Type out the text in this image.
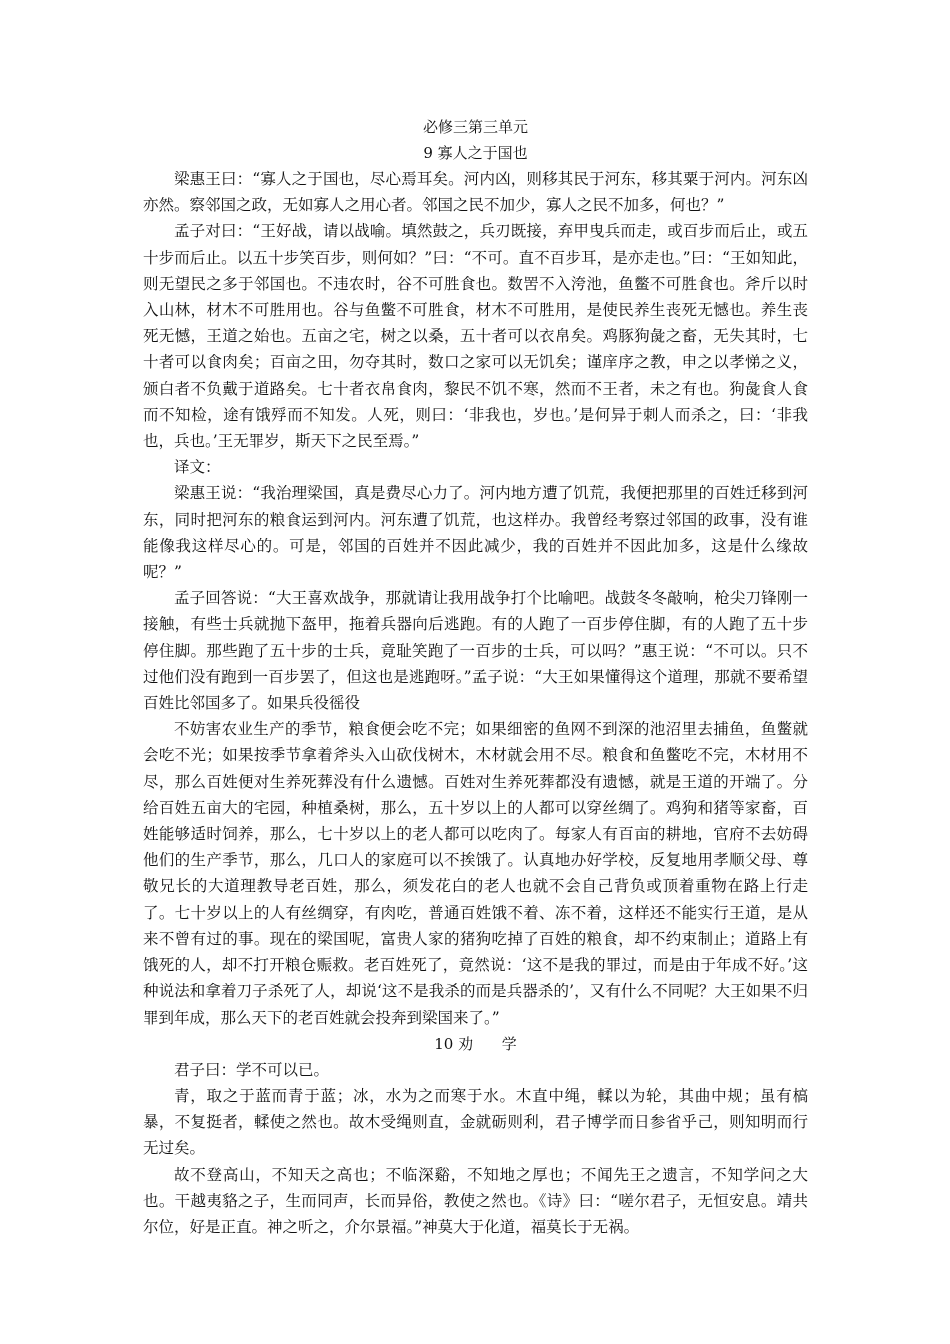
必修三第三单元
9 寡人之于国也

梁惠王曰：“寡人之于国也，尽心焉耳矣。河内凶，则移其民于河东，移其粟于河内。河东凶亦然。察邻国之政，无如寡人之用心者。邻国之民不加少，寡人之民不加多，何也？”

孟子对曰：“王好战，请以战喻。填然鼓之，兵刃既接，弃甲曳兵而走，或百步而后止，或五十步而后止。以五十步笑百步，则何如？”曰：“不可。直不百步耳，是亦走也。”曰：“王如知此，则无望民之多于邻国也。不违农时，谷不可胜食也。数罟不入洿池，鱼鳖不可胜食也。斧斤以时入山林，材木不可胜用也。谷与鱼鳖不可胜食，材木不可胜用，是使民养生丧死无憾也。养生丧死无憾，王道之始也。五亩之宅，树之以桑，五十者可以衣帛矣。鸡豚狗彘之畜，无失其时，七十者可以食肉矣；百亩之田，勿夺其时，数口之家可以无饥矣；谨庠序之教，申之以孝悌之义，颁白者不负戴于道路矣。七十者衣帛食肉，黎民不饥不寒，然而不王者，未之有也。狗彘食人食而不知检，途有饿殍而不知发。人死，则曰：‘非我也，岁也。’是何异于刺人而杀之，曰：‘非我也，兵也。’王无罪岁，斯天下之民至焉。”

译文：

梁惠王说：“我治理梁国，真是费尽心力了。河内地方遭了饥荒，我便把那里的百姓迁移到河东，同时把河东的粮食运到河内。河东遭了饥荒，也这样办。我曾经考察过邻国的政事，没有谁能像我这样尽心的。可是，邻国的百姓并不因此减少，我的百姓并不因此加多，这是什么缘故呢？”

孟子回答说：“大王喜欢战争，那就请让我用战争打个比喻吧。战鼓冬冬敲响，枪尖刀锋刚一接触，有些士兵就抛下盔甲，拖着兵器向后逃跑。有的人跑了一百步停住脚，有的人跑了五十步停住脚。那些跑了五十步的士兵，竟耻笑跑了一百步的士兵，可以吗？”惠王说：“不可以。只不过他们没有跑到一百步罢了，但这也是逃跑呀。”孟子说：“大王如果懂得这个道理，那就不要希望百姓比邻国多了。如果兵役徭役

不妨害农业生产的季节，粮食便会吃不完；如果细密的鱼网不到深的池沼里去捕鱼，鱼鳖就会吃不光；如果按季节拿着斧头入山砍伐树木，木材就会用不尽。粮食和鱼鳖吃不完，木材用不尽，那么百姓便对生养死葬没有什么遗憾。百姓对生养死葬都没有遗憾，就是王道的开端了。分给百姓五亩大的宅园，种植桑树，那么，五十岁以上的人都可以穿丝绸了。鸡狗和猪等家畜，百姓能够适时饲养，那么，七十岁以上的老人都可以吃肉了。每家人有百亩的耕地，官府不去妨碍他们的生产季节，那么，几口人的家庭可以不挨饿了。认真地办好学校，反复地用孝顺父母、尊敬兄长的大道理教导老百姓，那么，须发花白的老人也就不会自己背负或顶着重物在路上行走了。七十岁以上的人有丝绸穿，有肉吃，普通百姓饿不着、冻不着，这样还不能实行王道，是从来不曾有过的事。现在的梁国呢，富贵人家的猪狗吃掉了百姓的粮食，却不约束制止；道路上有饿死的人，却不打开粮仓赈救。老百姓死了，竟然说：‘这不是我的罪过，而是由于年成不好。’这种说法和拿着刀子杀死了人，却说‘这不是我杀的而是兵器杀的’，又有什么不同呢？大王如果不归罪到年成，那么天下的老百姓就会投奔到梁国来了。”

10 劝      学

君子曰：学不可以已。

青，取之于蓝而青于蓝；冰，水为之而寒于水。木直中绳，輮以为轮，其曲中规；虽有槁暴，不复挺者，輮使之然也。故木受绳则直，金就砺则利，君子博学而日参省乎己，则知明而行无过矣。

故不登高山，不知天之高也；不临深谿，不知地之厚也；不闻先王之遗言，不知学问之大也。干越夷貉之子，生而同声，长而异俗，教使之然也。《诗》曰：“嗟尔君子，无恒安息。靖共尔位，好是正直。神之听之，介尔景福。”神莫大于化道，福莫长于无祸。
